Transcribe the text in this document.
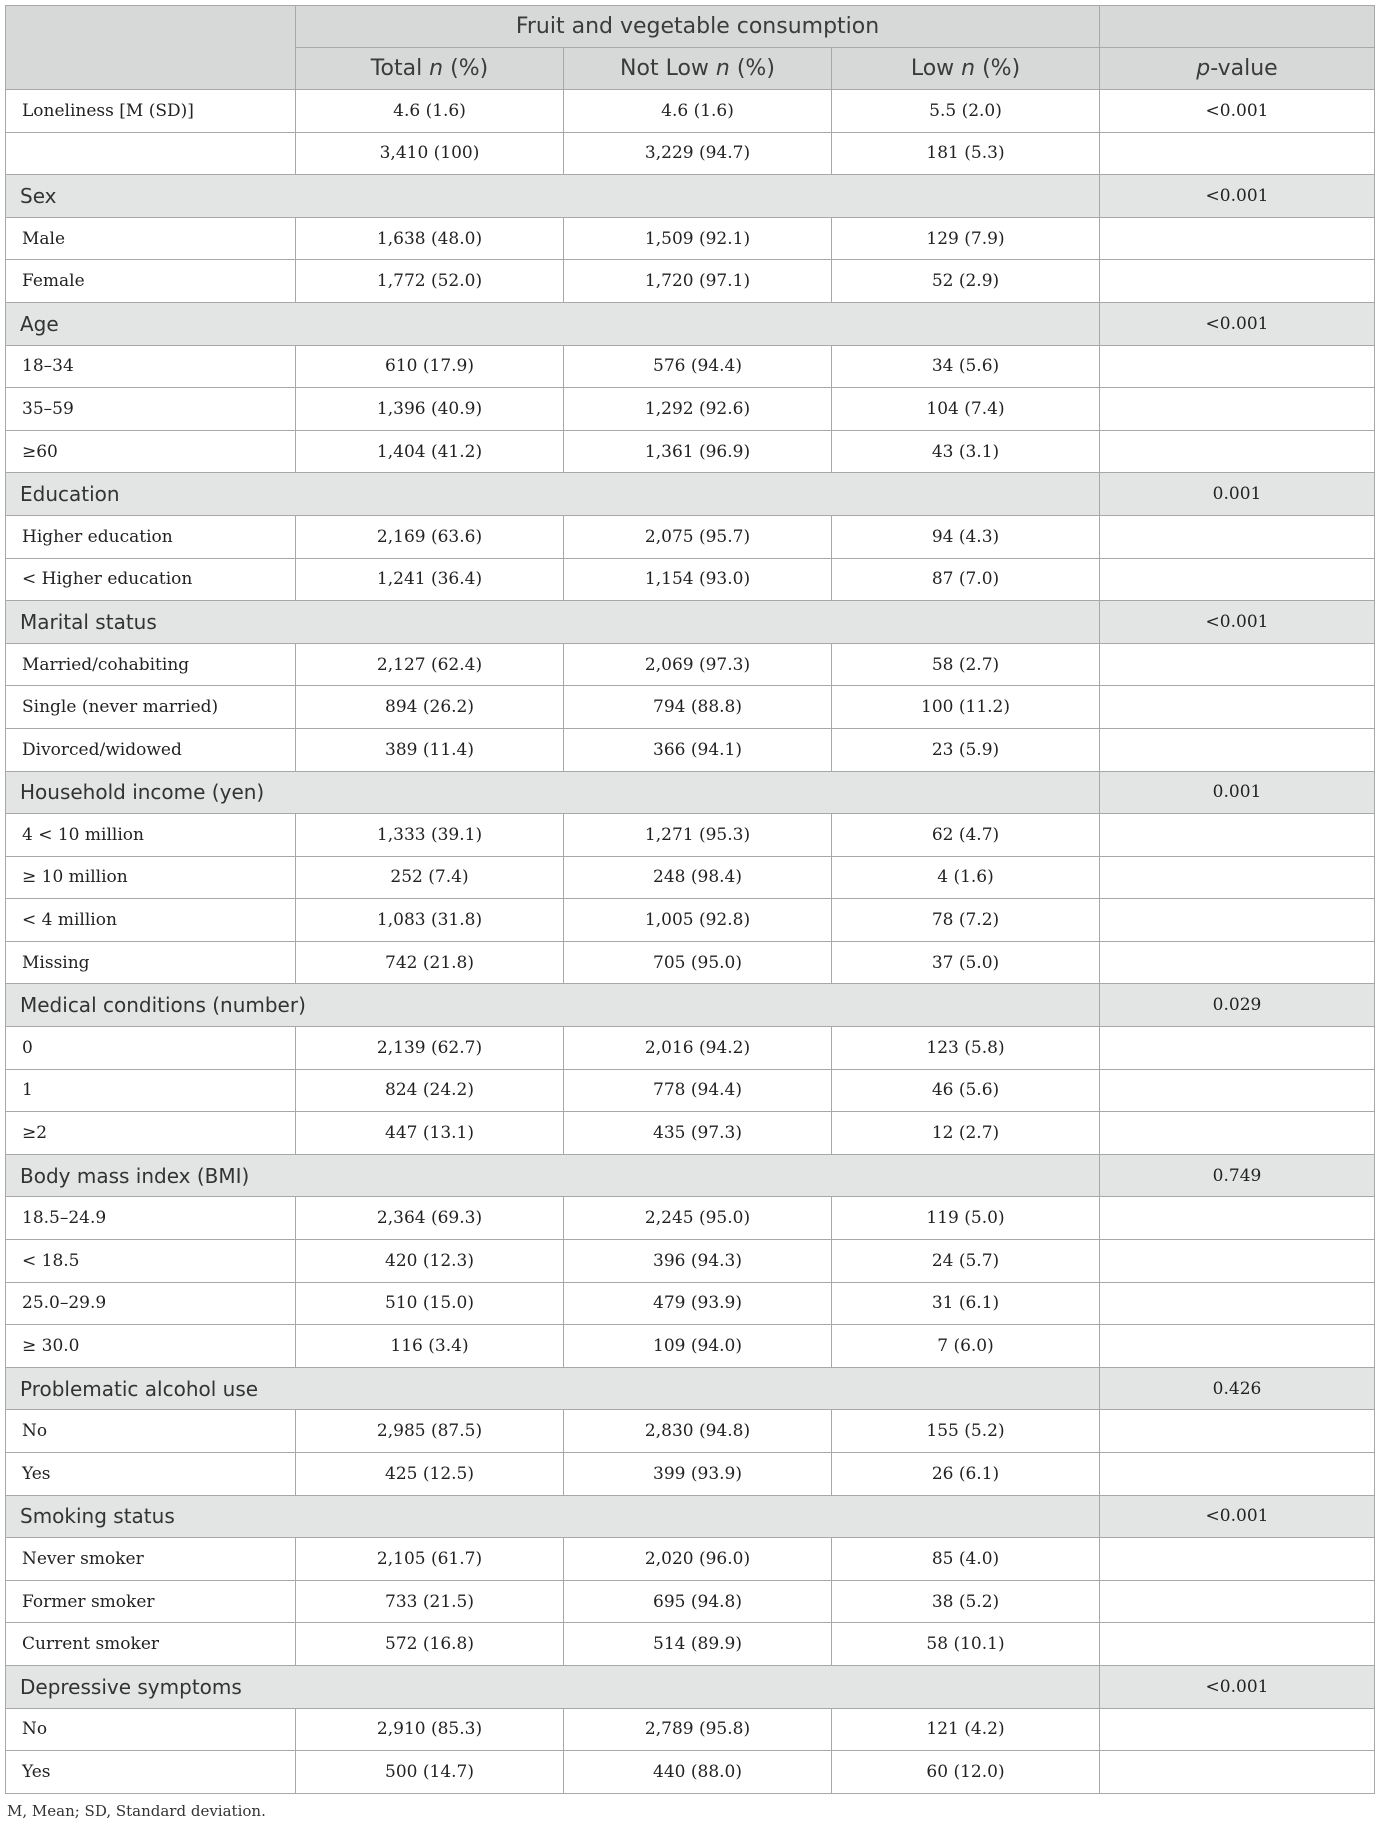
	Fruit and vegetable consumption			
	Total n (%)	Not Low n (%)	Low n (%)	p-value
Loneliness [M (SD)]	4.6 (1.6)	4.6 (1.6)	5.5 (2.0)	<0.001
	3,410 (100)	3,229 (94.7)	181 (5.3)	
Sex				<0.001
Male	1,638 (48.0)	1,509 (92.1)	129 (7.9)	
Female	1,772 (52.0)	1,720 (97.1)	52 (2.9)	
Age				<0.001
18–34	610 (17.9)	576 (94.4)	34 (5.6)	
35–59	1,396 (40.9)	1,292 (92.6)	104 (7.4)	
≥60	1,404 (41.2)	1,361 (96.9)	43 (3.1)	
Education				0.001
Higher education	2,169 (63.6)	2,075 (95.7)	94 (4.3)	
< Higher education	1,241 (36.4)	1,154 (93.0)	87 (7.0)	
Marital status				<0.001
Married/cohabiting	2,127 (62.4)	2,069 (97.3)	58 (2.7)	
Single (never married)	894 (26.2)	794 (88.8)	100 (11.2)	
Divorced/widowed	389 (11.4)	366 (94.1)	23 (5.9)	
Household income (yen)				0.001
4 < 10 million	1,333 (39.1)	1,271 (95.3)	62 (4.7)	
≥ 10 million	252 (7.4)	248 (98.4)	4 (1.6)	
< 4 million	1,083 (31.8)	1,005 (92.8)	78 (7.2)	
Missing	742 (21.8)	705 (95.0)	37 (5.0)	
Medical conditions (number)				0.029
0	2,139 (62.7)	2,016 (94.2)	123 (5.8)	
1	824 (24.2)	778 (94.4)	46 (5.6)	
≥2	447 (13.1)	435 (97.3)	12 (2.7)	
Body mass index (BMI)				0.749
18.5–24.9	2,364 (69.3)	2,245 (95.0)	119 (5.0)	
< 18.5	420 (12.3)	396 (94.3)	24 (5.7)	
25.0–29.9	510 (15.0)	479 (93.9)	31 (6.1)	
≥ 30.0	116 (3.4)	109 (94.0)	7 (6.0)	
Problematic alcohol use				0.426
No	2,985 (87.5)	2,830 (94.8)	155 (5.2)	
Yes	425 (12.5)	399 (93.9)	26 (6.1)	
Smoking status				<0.001
Never smoker	2,105 (61.7)	2,020 (96.0)	85 (4.0)	
Former smoker	733 (21.5)	695 (94.8)	38 (5.2)	
Current smoker	572 (16.8)	514 (89.9)	58 (10.1)	
Depressive symptoms				<0.001
No	2,910 (85.3)	2,789 (95.8)	121 (4.2)	
Yes	500 (14.7)	440 (88.0)	60 (12.0)	
M, Mean; SD, Standard deviation.
